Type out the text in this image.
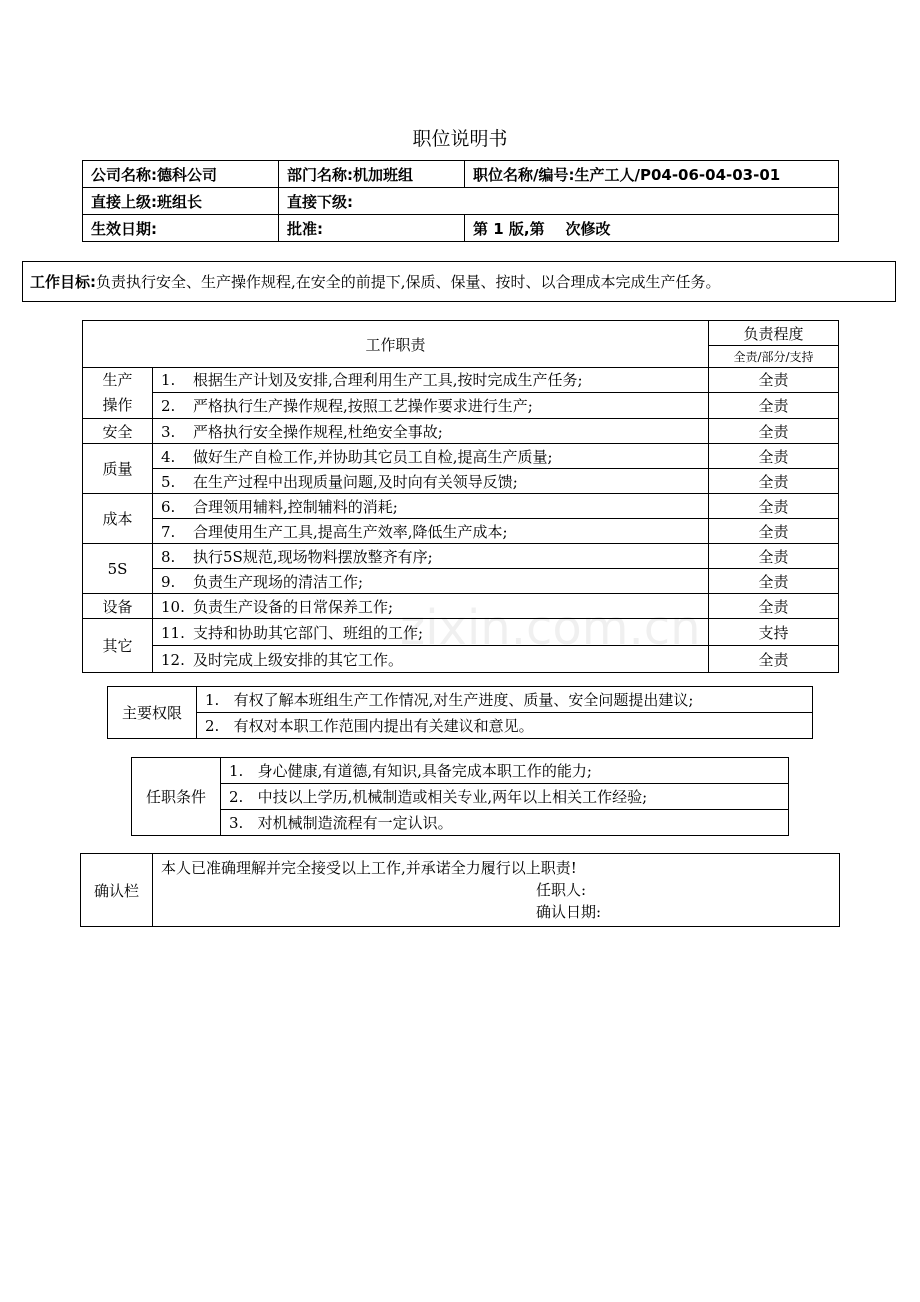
职位说明书
公司名称:德科公司	部门名称:机加班组	职位名称/编号:生产工人/P04-06-04-03-01
直接上级:班组长	直接下级:	
生效日期:	批准:	第 1 版,第    次修改
工作目标:负责执行安全、生产操作规程,在安全的前提下,保质、保量、按时、以合理成本完成生产任务。
工作职责		负责程度
		全责/部分/支持
生产
操作	1. 根据生产计划及安排,合理利用生产工具,按时完成生产任务;	全责
	2. 严格执行生产操作规程,按照工艺操作要求进行生产;	全责
安全	3. 严格执行安全操作规程,杜绝安全事故;	全责
质量	4. 做好生产自检工作,并协助其它员工自检,提高生产质量;	全责
	5. 在生产过程中出现质量问题,及时向有关领导反馈;	全责
成本	6. 合理领用辅料,控制辅料的消耗;	全责
	7. 合理使用生产工具,提高生产效率,降低生产成本;	全责
5S	8. 执行5S规范,现场物料摆放整齐有序;	全责
	9. 负责生产现场的清洁工作;	全责
设备	10. 负责生产设备的日常保养工作;	全责
其它	11. 支持和协助其它部门、班组的工作;	支持
	12. 及时完成上级安排的其它工作。	全责
主要权限	1.   有权了解本班组生产工作情况,对生产进度、质量、安全问题提出建议;
2.   有权对本职工作范围内提出有关建议和意见。
任职条件	1.   身心健康,有道德,有知识,具备完成本职工作的能力;
2.   中技以上学历,机械制造或相关专业,两年以上相关工作经验;
3.   对机械制造流程有一定认识。
确认栏	
本人已准确理解并完全接受以上工作,并承诺全力履行以上职责!
任职人:
确认日期:
zixin.com.cn
